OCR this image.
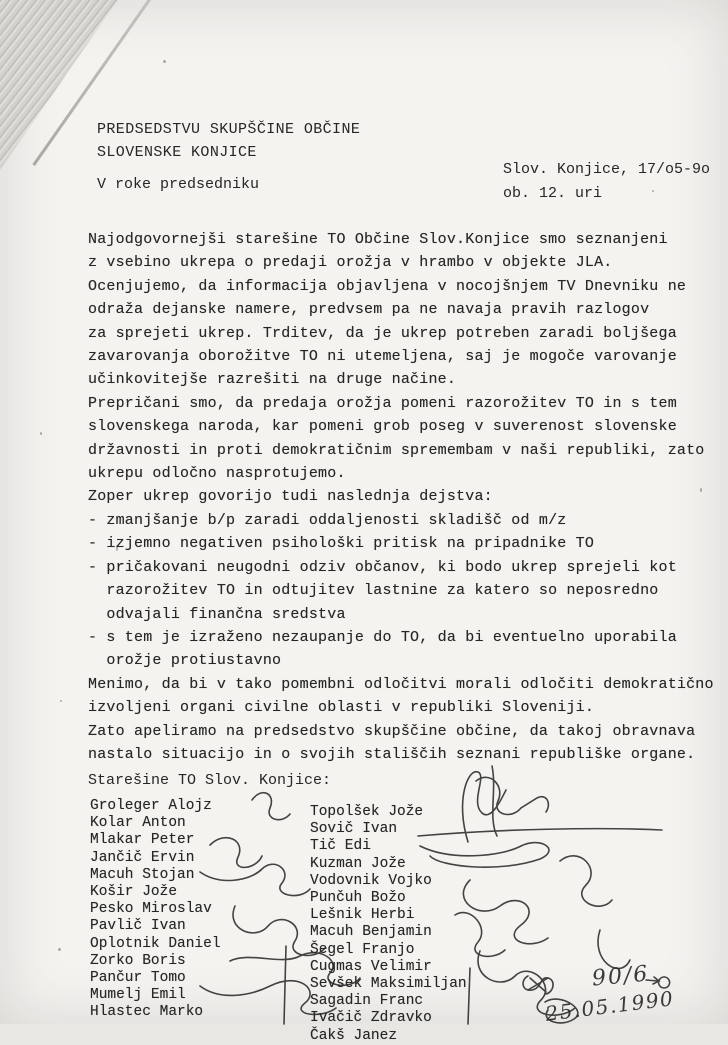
PREDSEDSTVU SKUPŠČINE OBČINE
SLOVENSKE KONJICE
V roke predsedniku
Slov. Konjice, 17/o5-9o
ob. 12. uri
Najodgovornejši starešine TO Občine Slov.Konjice smo seznanjeni
z vsebino ukrepa o predaji orožja v hrambo v objekte JLA.
Ocenjujemo, da informacija objavljena v nocojšnjem TV Dnevniku ne
odraža dejanske namere, predvsem pa ne navaja pravih razlogov
za sprejeti ukrep. Trditev, da je ukrep potreben zaradi boljšega
zavarovanja oborožitve TO ni utemeljena, saj je mogoče varovanje
učinkovitejše razrešiti na druge načine.
Prepričani smo, da predaja orožja pomeni razorožitev TO in s tem
slovenskega naroda, kar pomeni grob poseg v suverenost slovenske
državnosti in proti demokratičnim spremembam v naši republiki, zato
ukrepu odločno nasprotujemo.
Zoper ukrep govorijo tudi naslednja dejstva:
- zmanjšanje b/p zaradi oddaljenosti skladišč od m/z
- izjemno negativen psihološki pritisk na pripadnike TO
- pričakovani neugodni odziv občanov, ki bodo ukrep sprejeli kot
razorožitev TO in odtujitev lastnine za katero so neposredno
odvajali finančna sredstva
- s tem je izraženo nezaupanje do TO, da bi eventuelno uporabila
orožje protiustavno
Menimo, da bi v tako pomembni odločitvi morali odločiti demokratično
izvoljeni organi civilne oblasti v republiki Sloveniji.
Zato apeliramo na predsedstvo skupščine občine, da takoj obravnava
nastalo situacijo in o svojih stališčih seznani republiške organe.
Starešine TO Slov. Konjice:
Groleger Alojz
Kolar Anton
Mlakar Peter
Jančič Ervin
Macuh Stojan
Košir Jože
Pesko Miroslav
Pavlič Ivan
Oplotnik Daniel
Zorko Boris
Pančur Tomo
Mumelj Emil
Hlastec Marko
Topolšek Jože
Sovič Ivan
Tič Edi
Kuzman Jože
Vodovnik Vojko
Punčuh Božo
Lešnik Herbi
Macuh Benjamin
Šegel Franjo
Cugmas Velimir
Sevšek Maksimiljan
Sagadin Franc
Ivačič Zdravko
Čakš Janez
90/6
25.05.1990
